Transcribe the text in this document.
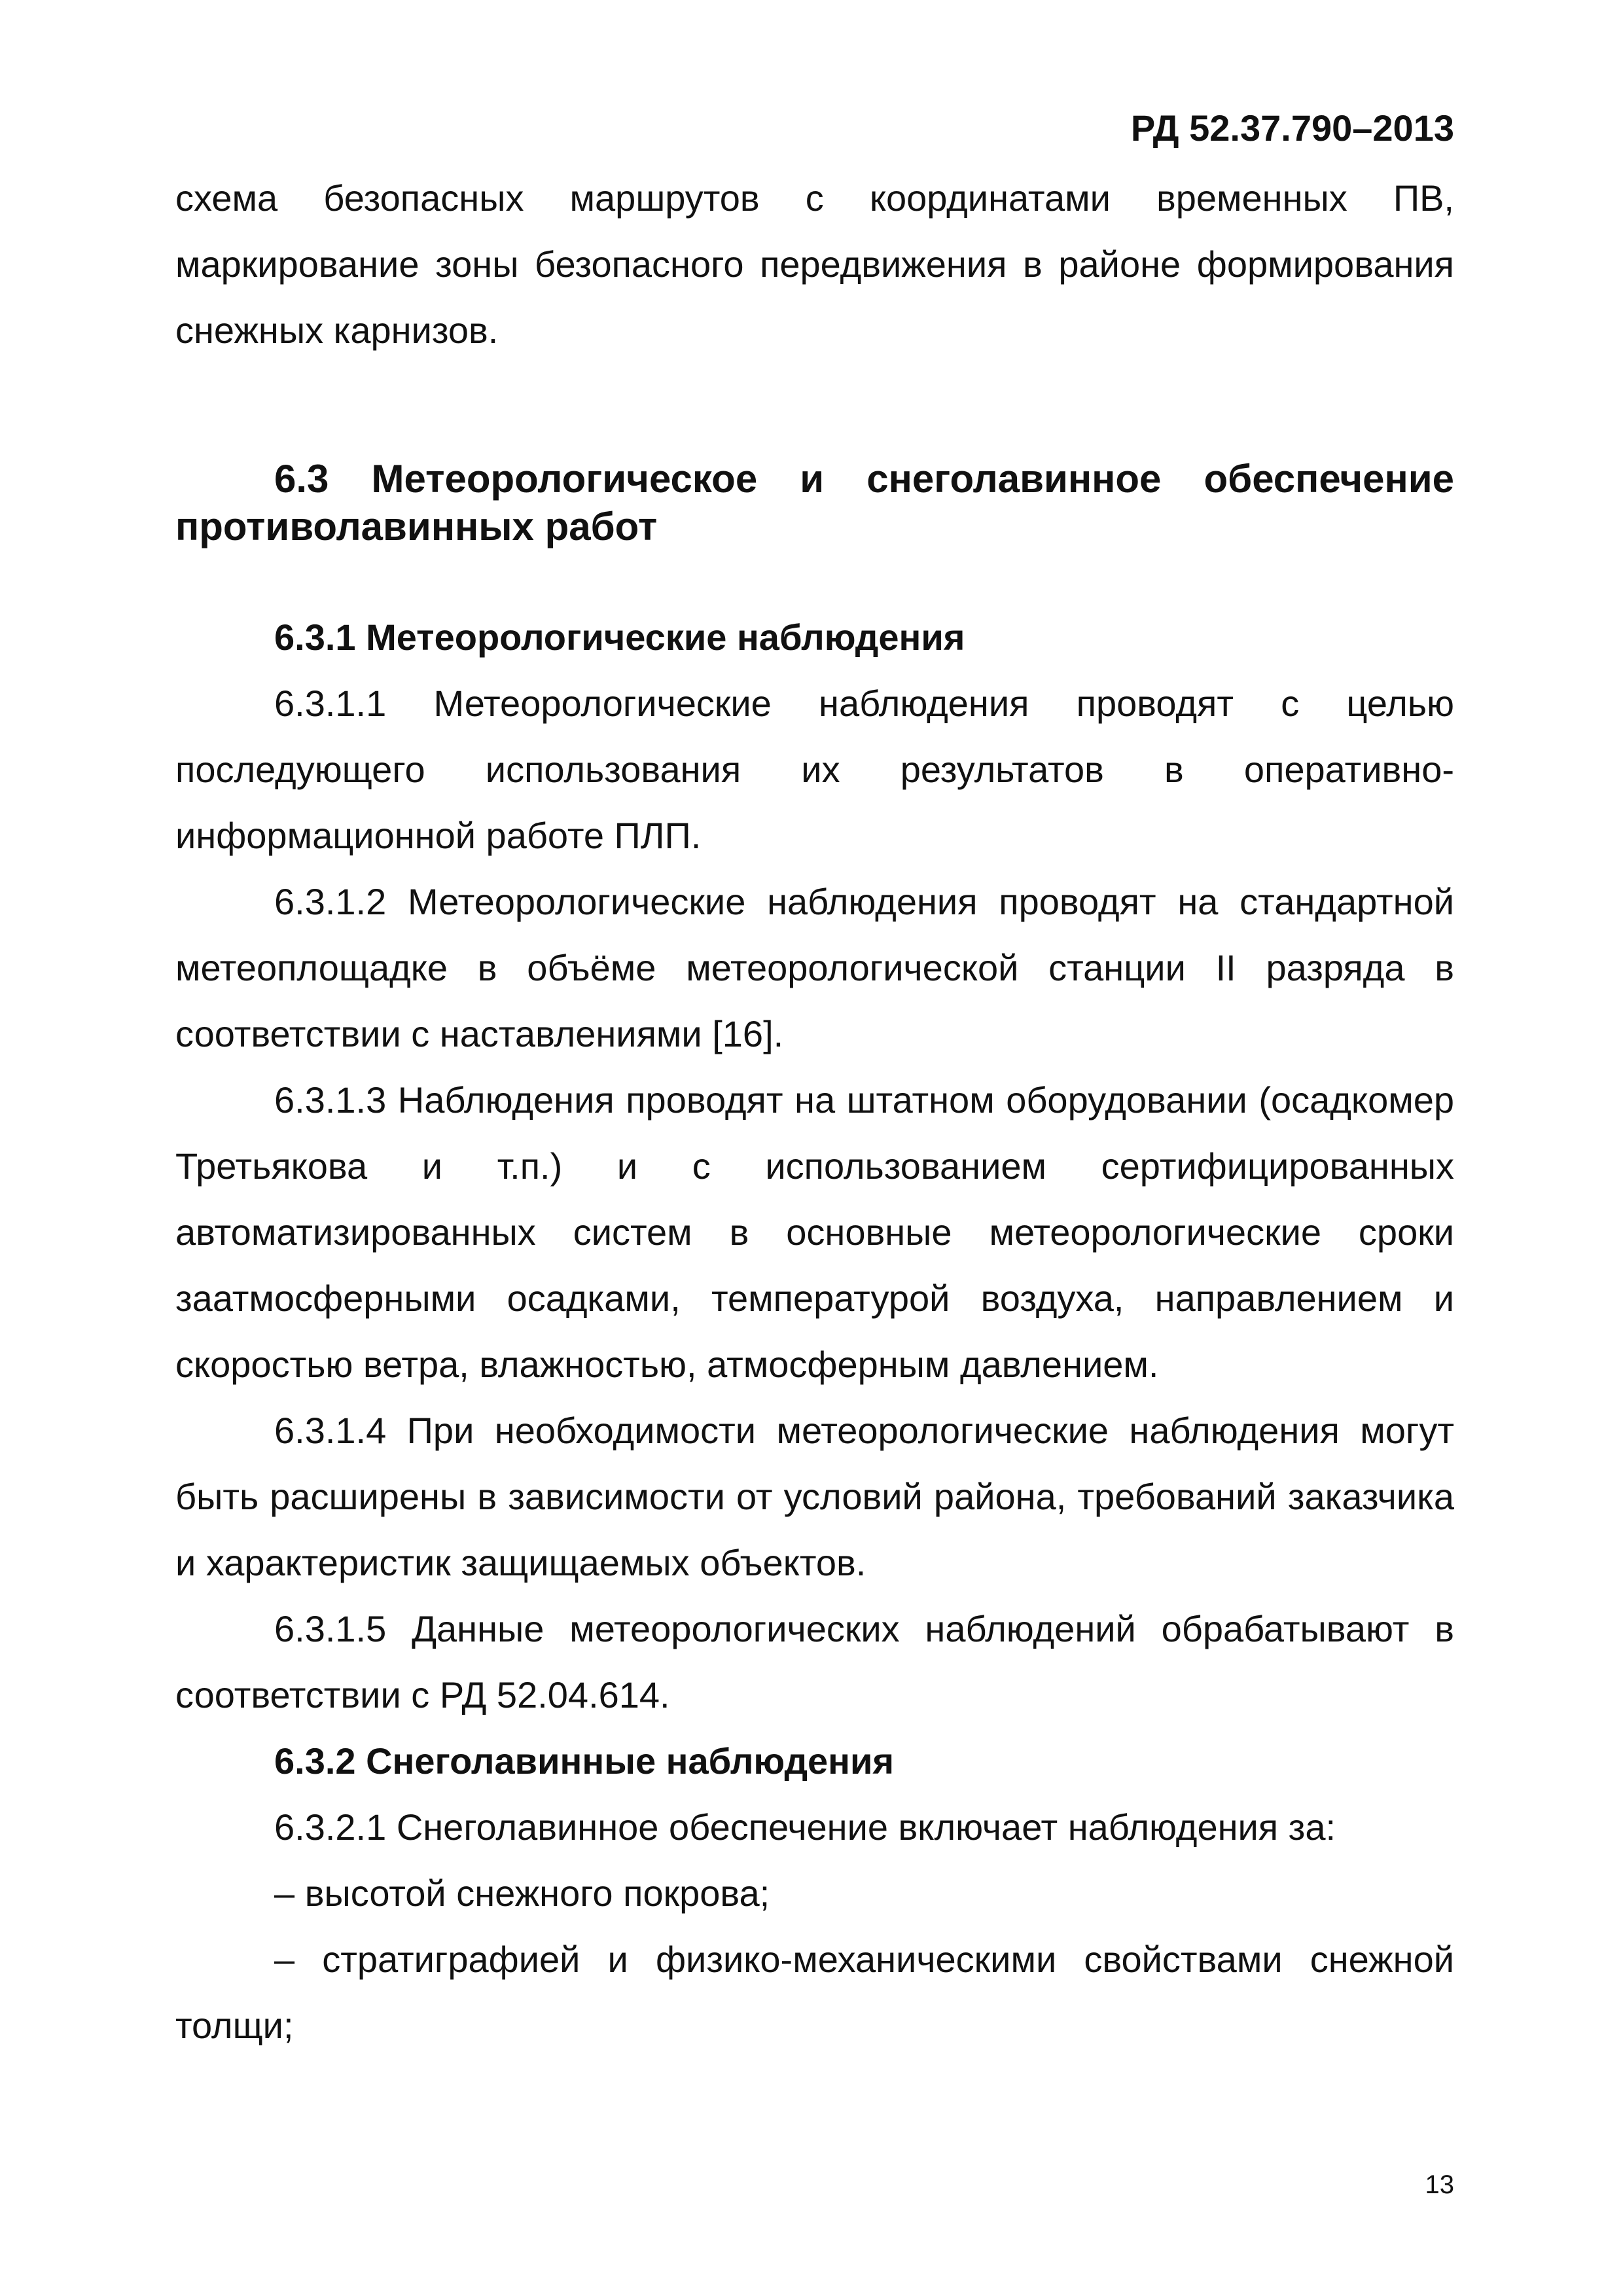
РД 52.37.790–2013

схема безопасных маршрутов с координатами временных ПВ, маркирование зоны безопасного передвижения в районе формирования снежных карнизов.

6.3 Метеорологическое и снеголавинное обеспечение противолавинных работ

6.3.1 Метеорологические наблюдения

6.3.1.1 Метеорологические наблюдения проводят с целью последующего использования их результатов в оперативно-информационной работе ПЛП.

6.3.1.2 Метеорологические наблюдения проводят на стандартной метеоплощадке в объёме метеорологической станции II разряда в соответствии с наставлениями [16].

6.3.1.3 Наблюдения проводят на штатном оборудовании (осадкомер Третьякова и т.п.) и с использованием сертифицированных автоматизированных систем в основные метеорологические сроки заатмосферными осадками, температурой воздуха, направлением и скоростью ветра, влажностью, атмосферным давлением.

6.3.1.4 При необходимости метеорологические наблюдения могут быть расширены в зависимости от условий района, требований заказчика и характеристик защищаемых объектов.

6.3.1.5 Данные метеорологических наблюдений обрабатывают в соответствии с РД 52.04.614.

6.3.2 Снеголавинные наблюдения

6.3.2.1 Снеголавинное обеспечение включает наблюдения за:

– высотой снежного покрова;

– стратиграфией и физико-механическими свойствами снежной толщи;

13
